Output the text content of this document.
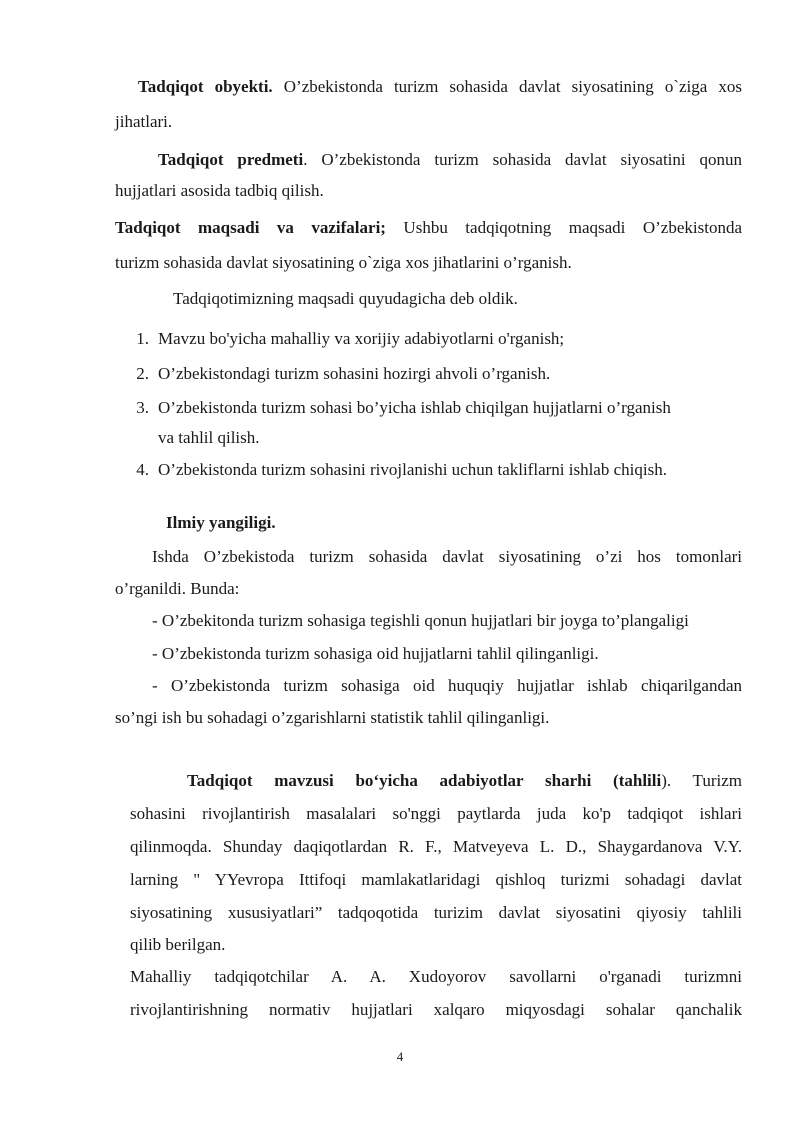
Tadqiqot obyekti. O’zbekistonda turizm sohasida davlat siyosatining o`ziga xos
jihatlari.
Tadqiqot predmeti. O’zbekistonda turizm sohasida davlat siyosatini qonun
hujjatlari asosida tadbiq qilish.
Tadqiqot maqsadi va vazifalari; Ushbu tadqiqotning maqsadi O’zbekistonda
turizm sohasida davlat siyosatining o`ziga xos jihatlarini o’rganish.
Tadqiqotimizning maqsadi quyudagicha deb oldik.
1. Mavzu bo'yicha mahalliy va xorijiy adabiyotlarni o'rganish;
2. O’zbekistondagi turizm sohasini hozirgi ahvoli o’rganish.
3. O’zbekistonda turizm sohasi bo’yicha ishlab chiqilgan hujjatlarni o’rganish
va tahlil qilish.
4. O’zbekistonda turizm sohasini rivojlanishi uchun takliflarni ishlab chiqish.
Ilmiy yangiligi.
Ishda O’zbekistoda turizm sohasida davlat siyosatining o’zi hos tomonlari
o’rganildi. Bunda:
- O’zbekitonda turizm sohasiga tegishli qonun hujjatlari bir joyga to’plangaligi
- O’zbekistonda turizm sohasiga oid hujjatlarni tahlil qilinganligi.
- O’zbekistonda turizm sohasiga oid huquqiy hujjatlar ishlab chiqarilgandan
so’ngi ish bu sohadagi o’zgarishlarni statistik tahlil qilinganligi.
Tadqiqot mavzusi bo‘yicha adabiyotlar sharhi (tahlili). Turizm
sohasini rivojlantirish masalalari so'nggi paytlarda juda ko'p tadqiqot ishlari
qilinmoqda. Shunday daqiqotlardan R. F., Matveyeva L. D., Shaygardanova V.Y.
larning " YYevropa Ittifoqi mamlakatlaridagi qishloq turizmi sohadagi davlat
siyosatining xususiyatlari” tadqoqotida turizim davlat siyosatini qiyosiy tahlili
qilib berilgan.
Mahalliy tadqiqotchilar A. A. Xudoyorov savollarni o'rganadi turizmni
rivojlantirishning normativ hujjatlari xalqaro miqyosdagi sohalar qanchalik
4
